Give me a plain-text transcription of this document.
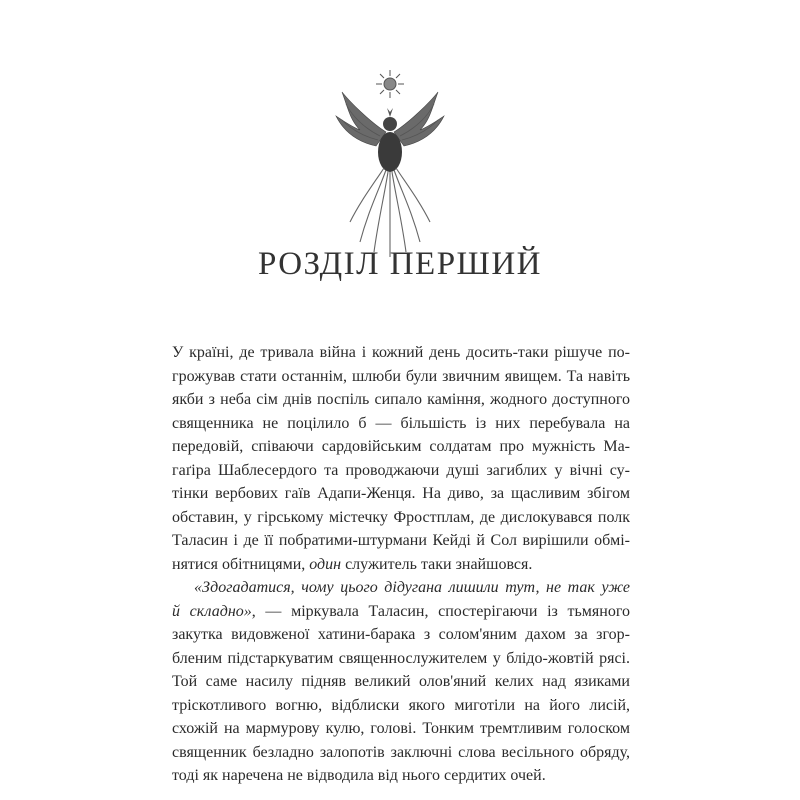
РОЗДІЛ ПЕРШИЙ
У країні, де тривала війна і кожний день досить-таки рішуче по-
грожував стати останнім, шлюби були звичним явищем. Та навіть
якби з неба сім днів поспіль сипало каміння, жодного доступного
священника не поцілило б — більшість із них перебувала на
передовій, співаючи сардовійським солдатам про мужність Ма-
гаґіра Шаблесердого та проводжаючи душі загиблих у вічні су-
тінки вербових гаїв Адапи-Женця. На диво, за щасливим збігом
обставин, у гірському містечку Фростплам, де дислокувався полк
Таласин і де її побратими-штурмани Кейді й Сол вирішили обмі-
нятися обітницями, один служитель таки знайшовся.
«Здогадатися, чому цього дідугана лишили тут, не так уже
й складно», — міркувала Таласин, спостерігаючи із тьмяного
закутка видовженої хатини-барака з солом'яним дахом за згор-
бленим підстаркуватим священнослужителем у блідо-жовтій рясі.
Той саме насилу підняв великий олов'яний келих над язиками
тріскотливого вогню, відблиски якого миготіли на його лисій,
схожій на мармурову кулю, голові. Тонким тремтливим голоском
священник безладно залопотів заключні слова весільного обряду,
тоді як наречена не відводила від нього сердитих очей.
